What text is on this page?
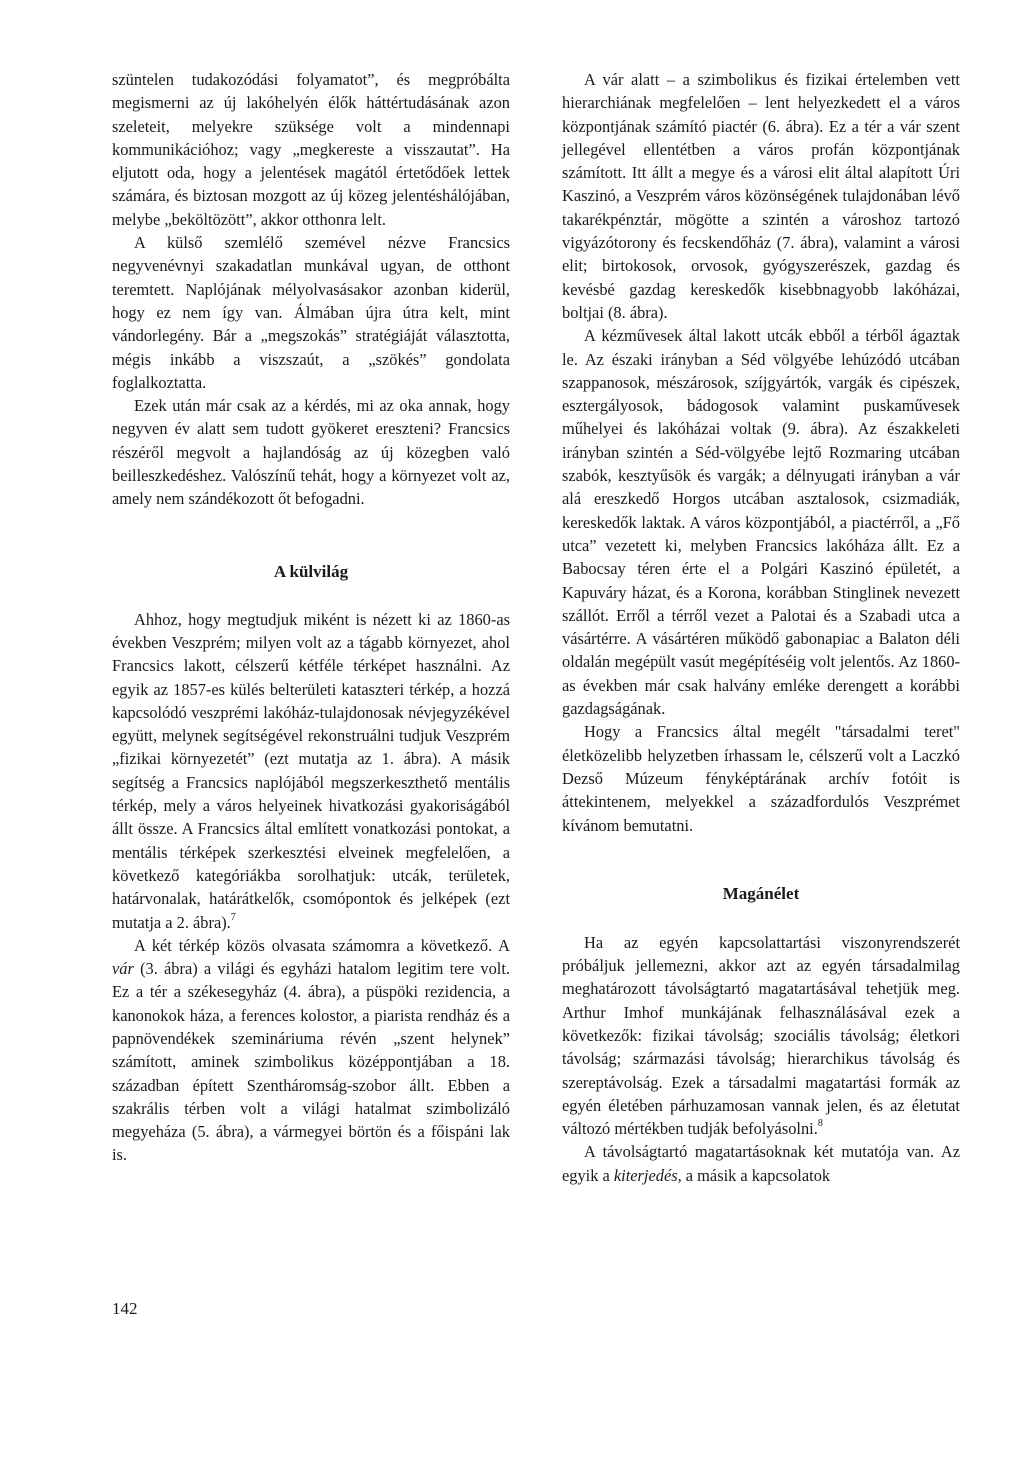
szüntelen tudakozódási folyamatot”, és megpróbálta megismerni az új lakóhelyén élők háttértudásának azon szeleteit, melyekre szüksége volt a mindennapi kommunikációhoz; vagy „megkereste a visszautat”. Ha eljutott oda, hogy a jelentések magától értetődőek lettek számára, és biztosan mozgott az új közeg jelentéshálójában, melybe „beköltözött”, akkor otthonra lelt.

A külső szemlélő szemével nézve Francsics negyvenévnyi szakadatlan munkával ugyan, de otthont teremtett. Naplójának mélyolvasásakor azonban kiderül, hogy ez nem így van. Álmában újra útra kelt, mint vándorlegény. Bár a „megszokás” stratégiáját választotta, mégis inkább a viszszaút, a „szökés” gondolata foglalkoztatta.

Ezek után már csak az a kérdés, mi az oka annak, hogy negyven év alatt sem tudott gyökeret ereszteni? Francsics részéről megvolt a hajlandóság az új közegben való beilleszkedéshez. Valószínű tehát, hogy a környezet volt az, amely nem szándékozott őt befogadni.

A külvilág

Ahhoz, hogy megtudjuk miként is nézett ki az 1860-as években Veszprém; milyen volt az a tágabb környezet, ahol Francsics lakott, célszerű kétféle térképet használni. Az egyik az 1857-es külés belterületi kataszteri térkép, a hozzá kapcsolódó veszprémi lakóház-tulajdonosak névjegyzékével együtt, melynek segítségével rekonstruálni tudjuk Veszprém „fizikai környezetét” (ezt mutatja az 1. ábra). A másik segítség a Francsics naplójából megszerkeszthető mentális térkép, mely a város helyeinek hivatkozási gyakoriságából állt össze. A Francsics által említett vonatkozási pontokat, a mentális térképek szerkesztési elveinek megfelelően, a következő kategóriákba sorolhatjuk: utcák, területek, határvonalak, határátkelők, csomópontok és jelképek (ezt mutatja a 2. ábra).$^7$

A két térkép közös olvasata számomra a következő. A vár (3. ábra) a világi és egyházi hatalom legitim tere volt. Ez a tér a székesegyház (4. ábra), a püspöki rezidencia, a kanonokok háza, a ferences kolostor, a piarista rendház és a papnövendékek szemináriuma révén „szent helynek” számított, aminek szimbolikus középpontjában a 18. században épített Szentháromság-szobor állt. Ebben a szakrális térben volt a világi hatalmat szimbolizáló megyeháza (5. ábra), a vármegyei börtön és a főispáni lak is.

A vár alatt – a szimbolikus és fizikai értelemben vett hierarchiának megfelelően – lent helyezkedett el a város központjának számító piactér (6. ábra). Ez a tér a vár szent jellegével ellentétben a város profán központjának számított. Itt állt a megye és a városi elit által alapított Úri Kaszinó, a Veszprém város közönségének tulajdonában lévő takarékpénztár, mögötte a szintén a városhoz tartozó vigyázótorony és fecskendőház (7. ábra), valamint a városi elit; birtokosok, orvosok, gyógyszerészek, gazdag és kevésbé gazdag kereskedők kisebbnagyobb lakóházai, boltjai (8. ábra).

A kézművesek által lakott utcák ebből a térből ágaztak le. Az északi irányban a Séd völgyébe lehúzódó utcában szappanosok, mészárosok, szíjgyártók, vargák és cipészek, esztergályosok, bádogosok valamint puskaművesek műhelyei és lakóházai voltak (9. ábra). Az északkeleti irányban szintén a Séd-völgyébe lejtő Rozmaring utcában szabók, kesztyűsök és vargák; a délnyugati irányban a vár alá ereszkedő Horgos utcában asztalosok, csizmadiák, kereskedők laktak. A város központjából, a piactérről, a „Fő utca” vezetett ki, melyben Francsics lakóháza állt. Ez a Babocsay téren érte el a Polgári Kaszinó épületét, a Kapuváry házat, és a Korona, korábban Stinglinek nevezett szállót. Erről a térről vezet a Palotai és a Szabadi utca a vásártérre. A vásártéren működő gabonapiac a Balaton déli oldalán megépült vasút megépítéséig volt jelentős. Az 1860-as években már csak halvány emléke derengett a korábbi gazdagságának.

Hogy a Francsics által megélt "társadalmi teret" életközelibb helyzetben írhassam le, célszerű volt a Laczkó Dezső Múzeum fényképtárának archív fotóit is áttekintenem, melyekkel a századfordulós Veszprémet kívánom bemutatni.

Magánélet

Ha az egyén kapcsolattartási viszonyrendszerét próbáljuk jellemezni, akkor azt az egyén társadalmilag meghatározott távolságtartó magatartásával tehetjük meg. Arthur Imhof munkájának felhasználásával ezek a következők: fizikai távolság; szociális távolság; életkori távolság; származási távolság; hierarchikus távolság és szereptávolság. Ezek a társadalmi magatartási formák az egyén életében párhuzamosan vannak jelen, és az életutat változó mértékben tudják befolyásolni.$^8$

A távolságtartó magatartásoknak két mutatója van. Az egyik a kiterjedés, a másik a kapcsolatok

142
